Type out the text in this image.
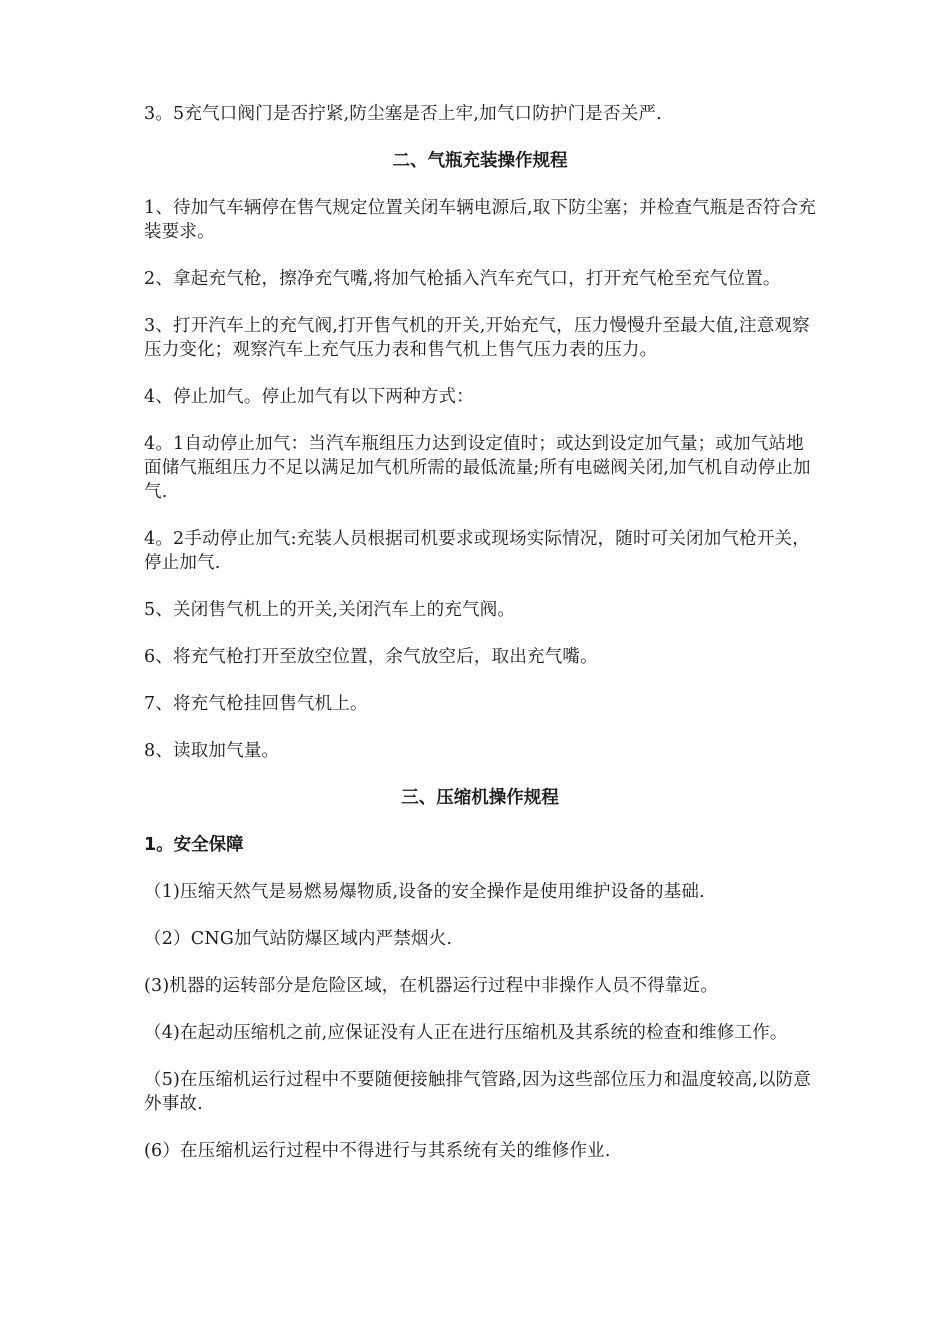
3。5充气口阀门是否拧紧,防尘塞是否上牢,加气口防护门是否关严.

二、气瓶充装操作规程

1、待加气车辆停在售气规定位置关闭车辆电源后,取下防尘塞；并检查气瓶是否符合充装要求。

2、拿起充气枪，擦净充气嘴,将加气枪插入汽车充气口，打开充气枪至充气位置。

3、打开汽车上的充气阀,打开售气机的开关,开始充气，压力慢慢升至最大值,注意观察压力变化；观察汽车上充气压力表和售气机上售气压力表的压力。

4、停止加气。停止加气有以下两种方式：

4。1自动停止加气：当汽车瓶组压力达到设定值时；或达到设定加气量；或加气站地面储气瓶组压力不足以满足加气机所需的最低流量;所有电磁阀关闭,加气机自动停止加气.

4。2手动停止加气:充装人员根据司机要求或现场实际情况，随时可关闭加气枪开关，停止加气.

5、关闭售气机上的开关,关闭汽车上的充气阀。

6、将充气枪打开至放空位置，余气放空后，取出充气嘴。

7、将充气枪挂回售气机上。

8、读取加气量。

三、压缩机操作规程
1。安全保障

（1)压缩天然气是易燃易爆物质,设备的安全操作是使用维护设备的基础.

（2）CNG加气站防爆区域内严禁烟火.

(3)机器的运转部分是危险区域，在机器运行过程中非操作人员不得靠近。

（4)在起动压缩机之前,应保证没有人正在进行压缩机及其系统的检查和维修工作。

（5)在压缩机运行过程中不要随便接触排气管路,因为这些部位压力和温度较高,以防意外事故.

(6）在压缩机运行过程中不得进行与其系统有关的维修作业.
